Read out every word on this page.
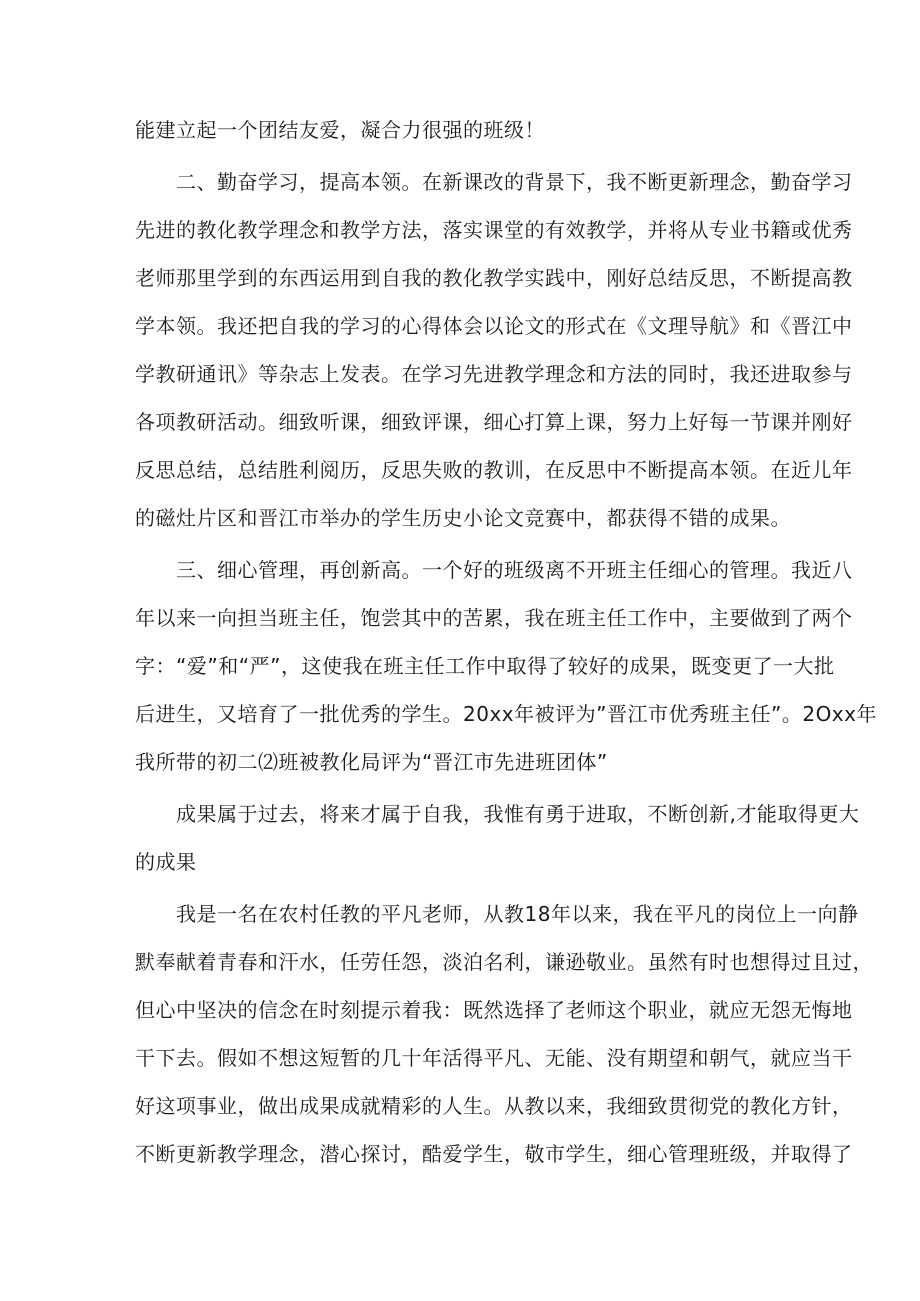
能建立起一个团结友爱，凝合力很强的班级！
二、勤奋学习，提高本领。在新课改的背景下，我不断更新理念，勤奋学习
先进的教化教学理念和教学方法，落实课堂的有效教学，并将从专业书籍或优秀
老师那里学到的东西运用到自我的教化教学实践中，刚好总结反思，不断提高教
学本领。我还把自我的学习的心得体会以论文的形式在《文理导航》和《晋江中
学教研通讯》等杂志上发表。在学习先进教学理念和方法的同时，我还进取参与
各项教研活动。细致听课，细致评课，细心打算上课，努力上好每一节课并刚好
反思总结，总结胜利阅历，反思失败的教训，在反思中不断提高本领。在近儿年
的磁灶片区和晋江市举办的学生历史小论文竞赛中，都获得不错的成果。
三、细心管理，再创新高。一个好的班级离不开班主任细心的管理。我近八
年以来一向担当班主任，饱尝其中的苦累，我在班主任工作中，主要做到了两个
字：“爱”和“严”，这使我在班主任工作中取得了较好的成果，既变更了一大批
后进生，又培育了一批优秀的学生。20xx年被评为”晋江市优秀班主任”。2Oxx年
我所带的初二⑵班被教化局评为“晋江市先进班团体”
成果属于过去，将来才属于自我，我惟有勇于进取，不断创新,才能取得更大
的成果
我是一名在农村任教的平凡老师，从教18年以来，我在平凡的岗位上一向静
默奉献着青春和汗水，任劳任怨，淡泊名利，谦逊敬业。虽然有时也想得过且过，
但心中坚决的信念在时刻提示着我：既然选择了老师这个职业，就应无怨无悔地
干下去。假如不想这短暂的几十年活得平凡、无能、没有期望和朝气，就应当干
好这项事业，做出成果成就精彩的人生。从教以来，我细致贯彻党的教化方针，
不断更新教学理念，潜心探讨，酷爱学生，敬市学生，细心管理班级，并取得了
